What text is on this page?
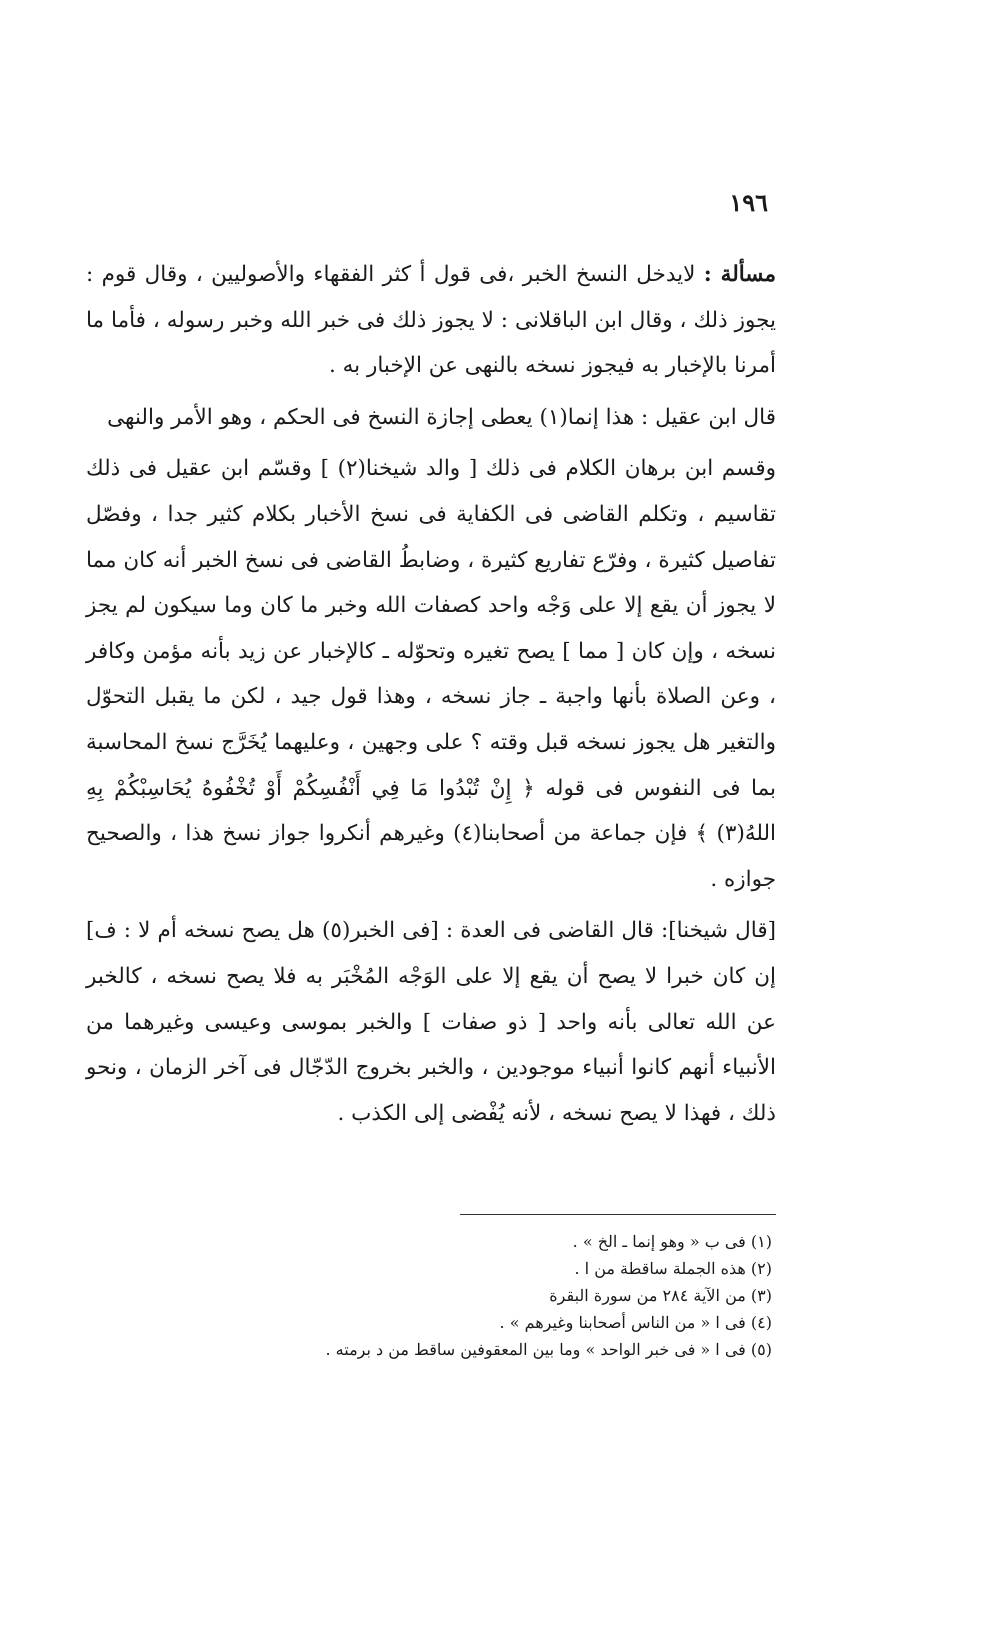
١٩٦

مسألة : لايدخل النسخ الخبر ،فى قول أ كثر الفقهاء والأصوليين ، وقال قوم : يجوز ذلك ، وقال ابن الباقلانى : لا يجوز ذلك فى خبر الله وخبر رسوله ، فأما ما أمرنا بالإخبار به فيجوز نسخه بالنهى عن الإخبار به .

قال ابن عقيل : هذا إنما(١) يعطى إجازة النسخ فى الحكم ، وهو الأمر والنهى

وقسم ابن برهان الكلام فى ذلك [ والد شيخنا(٢) ] وقسّم ابن عقيل فى ذلك تقاسيم ، وتكلم القاضى فى الكفاية فى نسخ الأخبار بكلام كثير جدا ، وفصّل تفاصيل كثيرة ، وفرّع تفاريع كثيرة ، وضابطُ القاضى فى نسخ الخبر أنه كان مما لا يجوز أن يقع إلا على وَجْه واحد كصفات الله وخبر ما كان وما سيكون لم يجز نسخه ، وإن كان [ مما ] يصح تغيره وتحوّله ـ كالإخبار عن زيد بأنه مؤمن وكافر ، وعن الصلاة بأنها واجبة ـ جاز نسخه ، وهذا قول جيد ، لكن ما يقبل التحوّل والتغير هل يجوز نسخه قبل وقته ؟ على وجهين ، وعليهما يُخَرَّج نسخ المحاسبة بما فى النفوس فى قوله ﴿ إِنْ تُبْدُوا مَا فِي أَنْفُسِكُمْ أَوْ تُخْفُوهُ يُحَاسِبْكُمْ بِهِ اللهُ(٣) ﴾ فإن جماعة من أصحابنا(٤) وغيرهم أنكروا جواز نسخ هذا ، والصحيح جوازه .

[قال شيخنا]: قال القاضى فى العدة : [فى الخبر(٥) هل يصح نسخه أم لا : ف] إن كان خبرا لا يصح أن يقع إلا على الوَجْه المُخْبَر به فلا يصح نسخه ، كالخبر عن الله تعالى بأنه واحد [ ذو صفات ] والخبر بموسى وعيسى وغيرهما من الأنبياء أنهم كانوا أنبياء موجودين ، والخبر بخروج الدّجّال فى آخر الزمان ، ونحو ذلك ، فهذا لا يصح نسخه ، لأنه يُفْضى إلى الكذب .

(١) فى ب « وهو إنما ـ الخ » .
(٢) هذه الجملة ساقطة من ا .
(٣) من الآية ٢٨٤ من سورة البقرة
(٤) فى ا « من الناس أصحابنا وغيرهم » .
(٥) فى ا « فى خبر الواحد » وما بين المعقوفين ساقط من د برمته .
